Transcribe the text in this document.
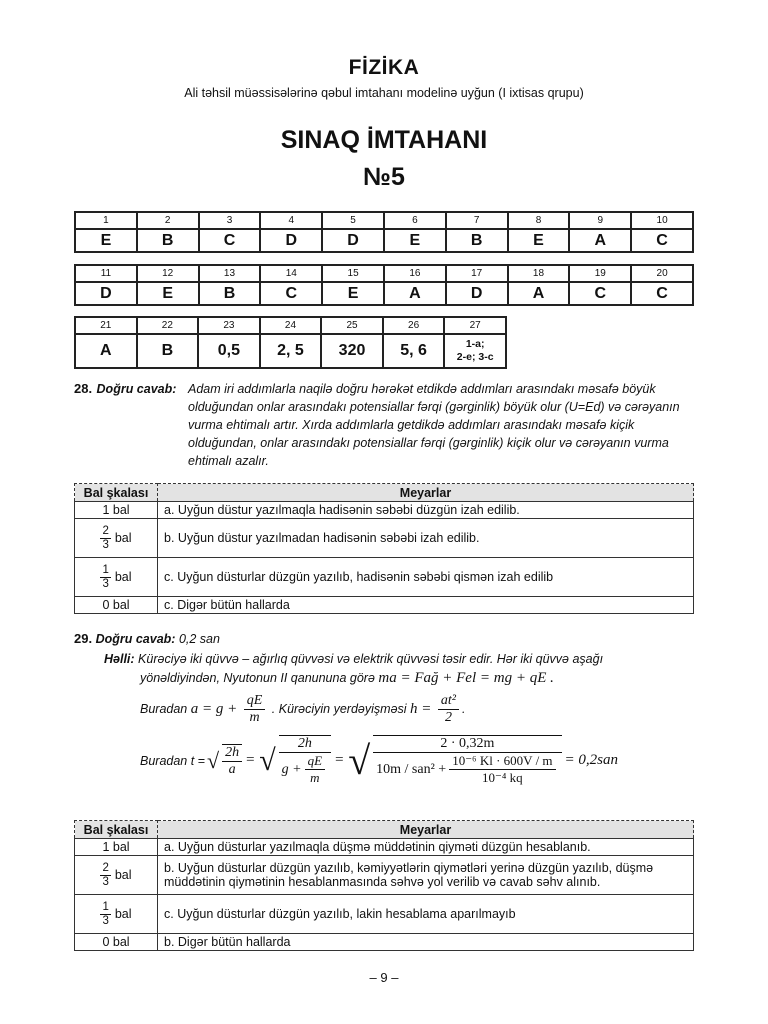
FİZİKA
Ali təhsil müəssisələrinə qəbul imtahanı modelinə uyğun (I ixtisas qrupu)
SINAQ İMTAHANI
№5
1	2	3	4	5	6	7	8	9	10
E	B	C	D	D	E	B	E	A	C
11	12	13	14	15	16	17	18	19	20
D	E	B	C	E	A	D	A	C	C
21	22	23	24	25	26	27
A	B	0,5	2, 5	320	5, 6	1-a;
2-e; 3-c
28. Doğru cavab: Adam iri addımlarla naqilə doğru hərəkət etdikdə addımları arasındakı məsafə böyük olduğundan onlar arasındakı potensiallar fərqi (gərginlik) böyük olur (U=Ed) və cərəyanın vurma ehtimalı artır. Xırda addımlarla getdikdə addımları arasındakı məsafə kiçik olduğundan, onlar arasındakı potensiallar fərqi (gərginlik) kiçik olur və cərəyanın vurma ehtimalı azalır.
Bal şkalası	Meyarlar
1 bal	a. Uyğun düstur yazılmaqla hadisənin səbəbi düzgün izah edilib.

$\frac{2}{3}$ bal	b. Uyğun düstur yazılmadan hadisənin səbəbi izah edilib.

$\frac{1}{3}$ bal	c. Uyğun düsturlar düzgün yazılıb, hadisənin səbəbi qismən izah edilib
0 bal	c. Digər bütün hallarda
29. Doğru cavab: 0,2 san
Həlli: Kürəciyə iki qüvvə – ağırlıq qüvvəsi və elektrik qüvvəsi təsir edir. Hər iki qüvvə aşağı
yönəldiyindən, Nyutonun II qanununa görə ma = Fağ + Fel = mg + qE .
Buradan $a = g + \frac{qE}{m}$ . Kürəciyin yerdəyişməsi $h = \frac{\text{at²}}{2}$ .
Buradan t = √ $\frac{2h}{a}$ = √ $\frac{2h}{g + \frac{qE}{m}}$ = √	2 · 0,32m
$10m / san^2 + \frac{\text{10⁻⁶ Kl · 600V / m}}{\text{10⁻⁴ kq}} = 0,2san$
Bal şkalası	Meyarlar
1 bal	a. Uyğun düsturlar yazılmaqla düşmə müddətinin qiyməti düzgün hesablanıb.

$\frac{2}{3}$ bal	b. Uyğun düsturlar düzgün yazılıb, kəmiyyətlərin qiymətləri yerinə düzgün yazılıb, düşmə müddətinin qiymətinin hesablanmasında səhvə yol verilib və cavab səhv alınıb.

$\frac{1}{3}$ bal	c. Uyğun düsturlar düzgün yazılıb, lakin hesablama aparılmayıb
0 bal	b. Digər bütün hallarda
– 9 –
